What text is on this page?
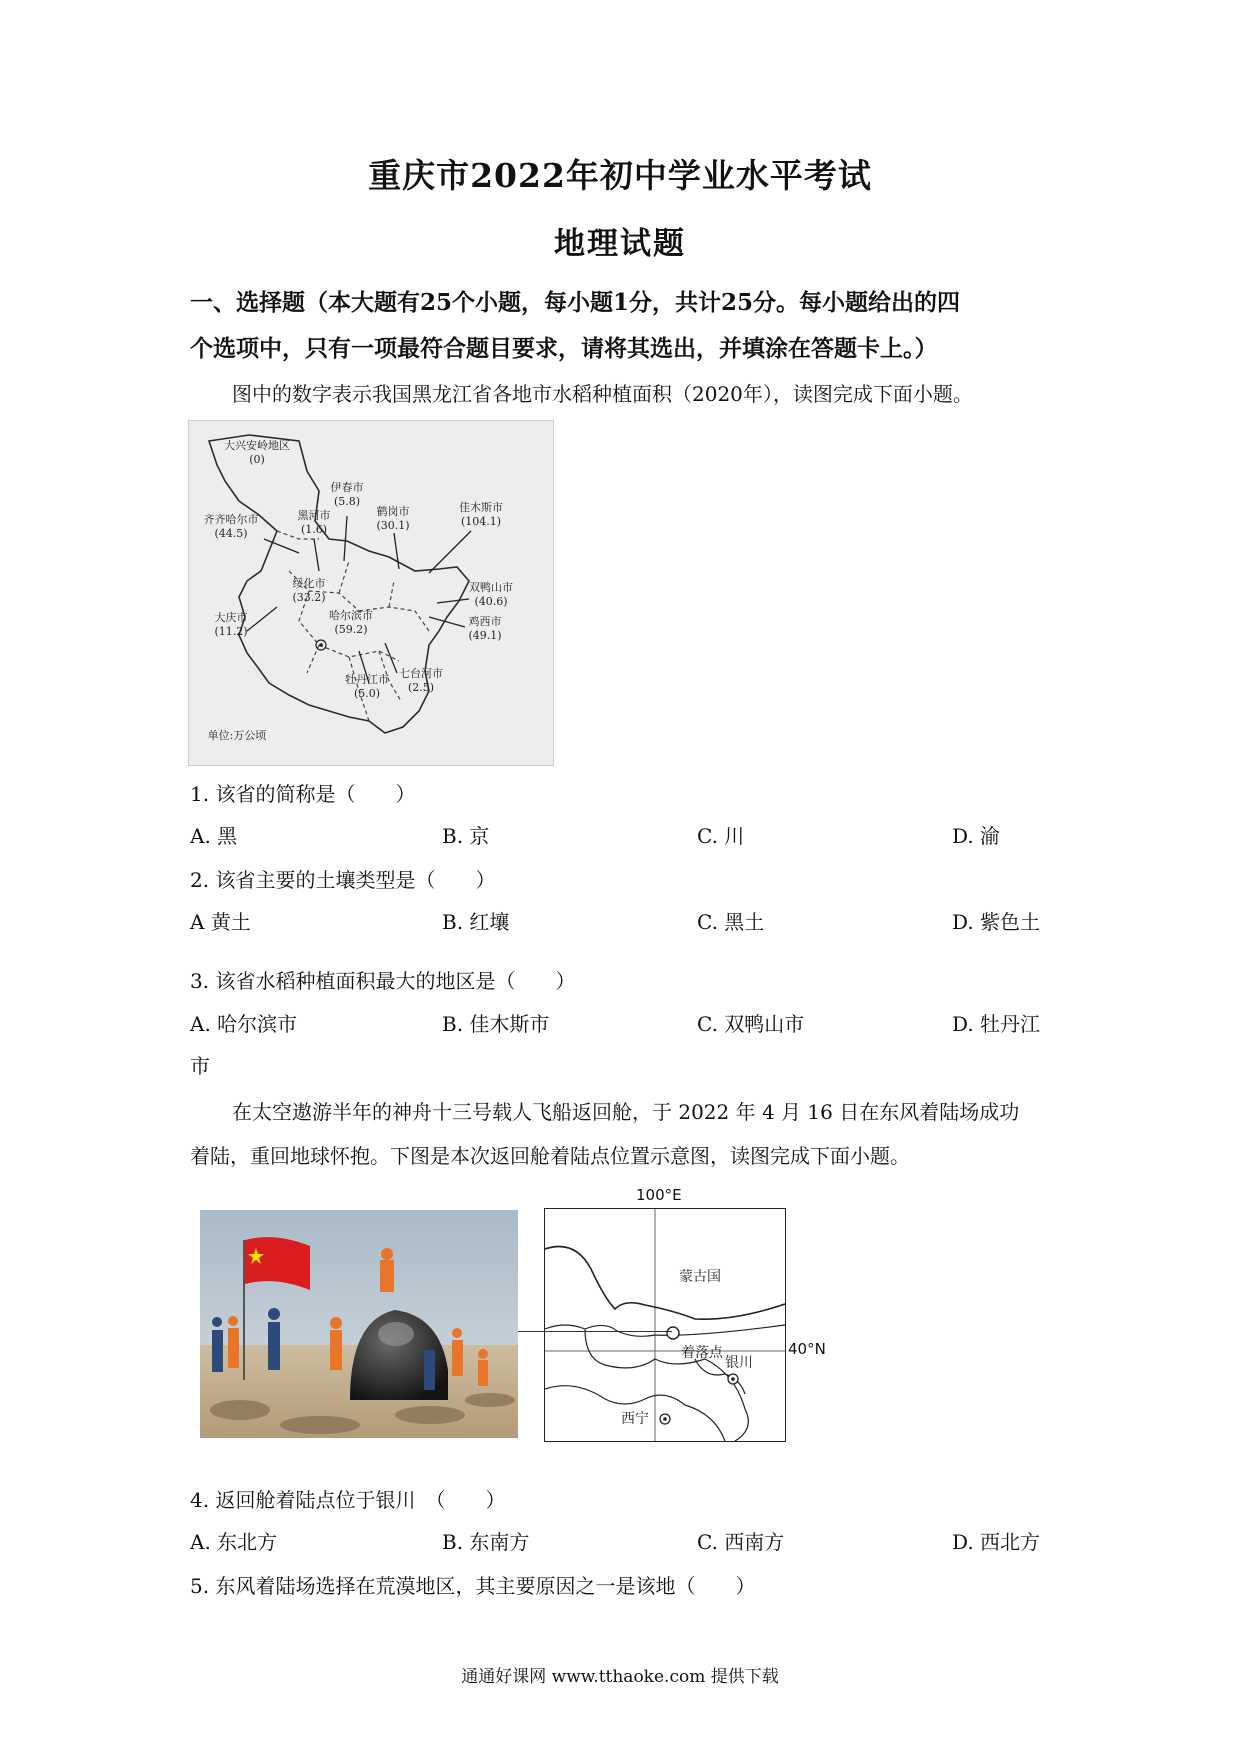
重庆市2022年初中学业水平考试
地理试题
一、选择题（本大题有25个小题，每小题1分，共计25分。每小题给出的四
个选项中，只有一项最符合题目要求，请将其选出，并填涂在答题卡上。）
图中的数字表示我国黑龙江省各地市水稻种植面积（2020年），读图完成下面小题。
大兴安岭地区
(0)
伊春市
(5.8)
黑河市
(1.6)
鹤岗市
(30.1)
佳木斯市
(104.1)
齐齐哈尔市
(44.5)
绥化市
(33.2)
双鸭山市
(40.6)
哈尔滨市
(59.2)
鸡西市
(49.1)
大庆市
(11.2)
牡丹江市
(5.0)
七台河市
(2.5)
单位:万公顷
1. 该省的简称是（　　）
A. 黑	B. 京	C. 川	D. 渝
2. 该省主要的土壤类型是（　　）
A 黄土	B. 红壤	C. 黑土	D. 紫色土
3. 该省水稻种植面积最大的地区是（　　）
A. 哈尔滨市	B. 佳木斯市	C. 双鸭山市	D. 牡丹江
市
在太空遨游半年的神舟十三号载人飞船返回舱，于 2022 年 4 月 16 日在东风着陆场成功
着陆，重回地球怀抱。下图是本次返回舱着陆点位置示意图，读图完成下面小题。
100°E
40°N
蒙古国
着落点
银川
西宁
4. 返回舱着陆点位于银川　（　　）
A. 东北方	B. 东南方	C. 西南方	D. 西北方
5. 东风着陆场选择在荒漠地区，其主要原因之一是该地（　　）
通通好课网 www.tthaoke.com 提供下载
